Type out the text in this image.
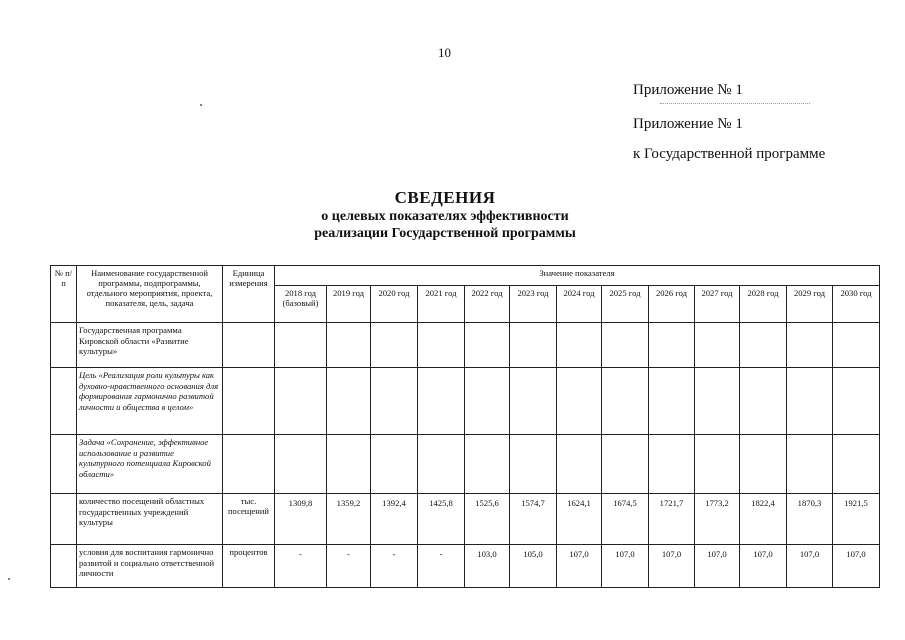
10
Приложение № 1
Приложение № 1
к Государственной программе
СВЕДЕНИЯ
о целевых показателях эффективности
реализации Государственной программы
№ п/п	Наименование государственной программы, подпрограммы, отдельного мероприятия, проекта, показателя, цель, задача	Единица измерения	Значение показателя												
			2018 год (базовый)	2019 год	2020 год	2021 год	2022 год	2023 год	2024 год	2025 год	2026 год	2027 год	2028 год	2029 год	2030 год
	Государственная программа Кировской области «Развитие культуры»														
	Цель «Реализация роли культуры как духовно-нравственного основания для формирования гармонично развитой личности и общества в целом»														
	Задача «Сохранение, эффективное использование и развитие культурного потенциала Кировской области»														
	количество посещений областных государственных учреждений культуры	тыс. посещений	1309,8	1359,2	1392,4	1425,8	1525,6	1574,7	1624,1	1674,5	1721,7	1773,2	1822,4	1870,3	1921,5
	условия для воспитания гармонично развитой и социально ответственной личности	процентов	-	-	-	-	103,0	105,0	107,0	107,0	107,0	107,0	107,0	107,0	107,0
